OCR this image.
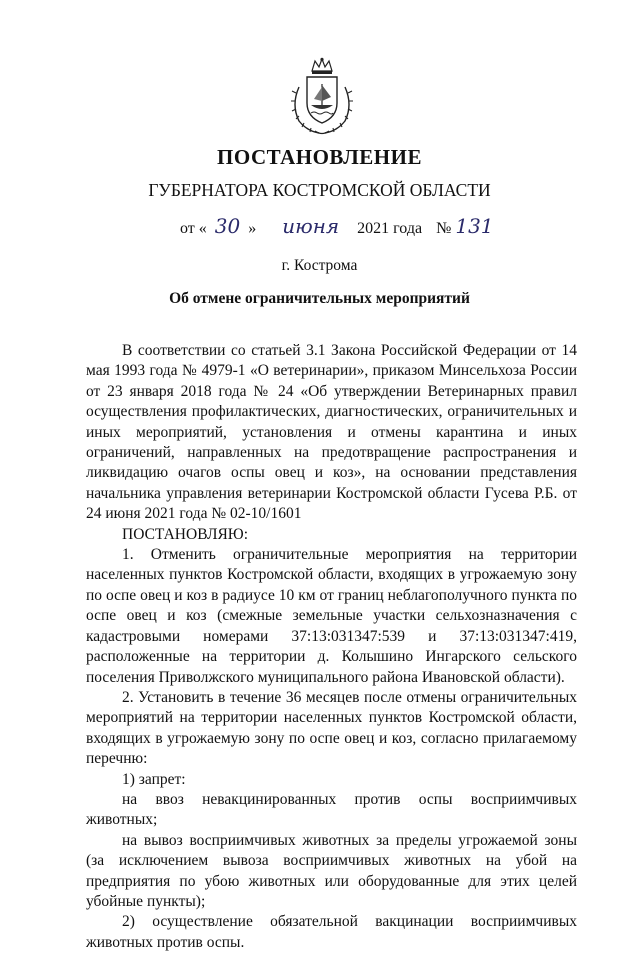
ПОСТАНОВЛЕНИЕ
ГУБЕРНАТОРА КОСТРОМСКОЙ ОБЛАСТИ
от « 30 » июня 2021 года № 131
г. Кострома
Об отмене ограничительных мероприятий

В соответствии со статьей 3.1 Закона Российской Федерации от 14 мая 1993 года № 4979-1 «О ветеринарии», приказом Минсельхоза России от 23 января 2018 года № 24 «Об утверждении Ветеринарных правил осуществления профилактических, диагностических, ограничительных и иных мероприятий, установления и отмены карантина и иных ограничений, направленных на предотвращение распространения и ликвидацию очагов оспы овец и коз», на основании представления начальника управления ветеринарии Костромской области Гусева Р.Б. от 24 июня 2021 года № 02-10/1601

ПОСТАНОВЛЯЮ:

1. Отменить ограничительные мероприятия на территории населенных пунктов Костромской области, входящих в угрожаемую зону по оспе овец и коз в радиусе 10 км от границ неблагополучного пункта по оспе овец и коз (смежные земельные участки сельхозназначения с кадастровыми номерами 37:13:031347:539 и 37:13:031347:419, расположенные на территории д. Колышино Ингарского сельского поселения Приволжского муниципального района Ивановской области).

2. Установить в течение 36 месяцев после отмены ограничительных мероприятий на территории населенных пунктов Костромской области, входящих в угрожаемую зону по оспе овец и коз, согласно прилагаемому перечню:

1) запрет:

на ввоз невакцинированных против оспы восприимчивых животных;

на вывоз восприимчивых животных за пределы угрожаемой зоны (за исключением вывоза восприимчивых животных на убой на предприятия по убою животных или оборудованные для этих целей убойные пункты);

2) осуществление обязательной вакцинации восприимчивых животных против оспы.
